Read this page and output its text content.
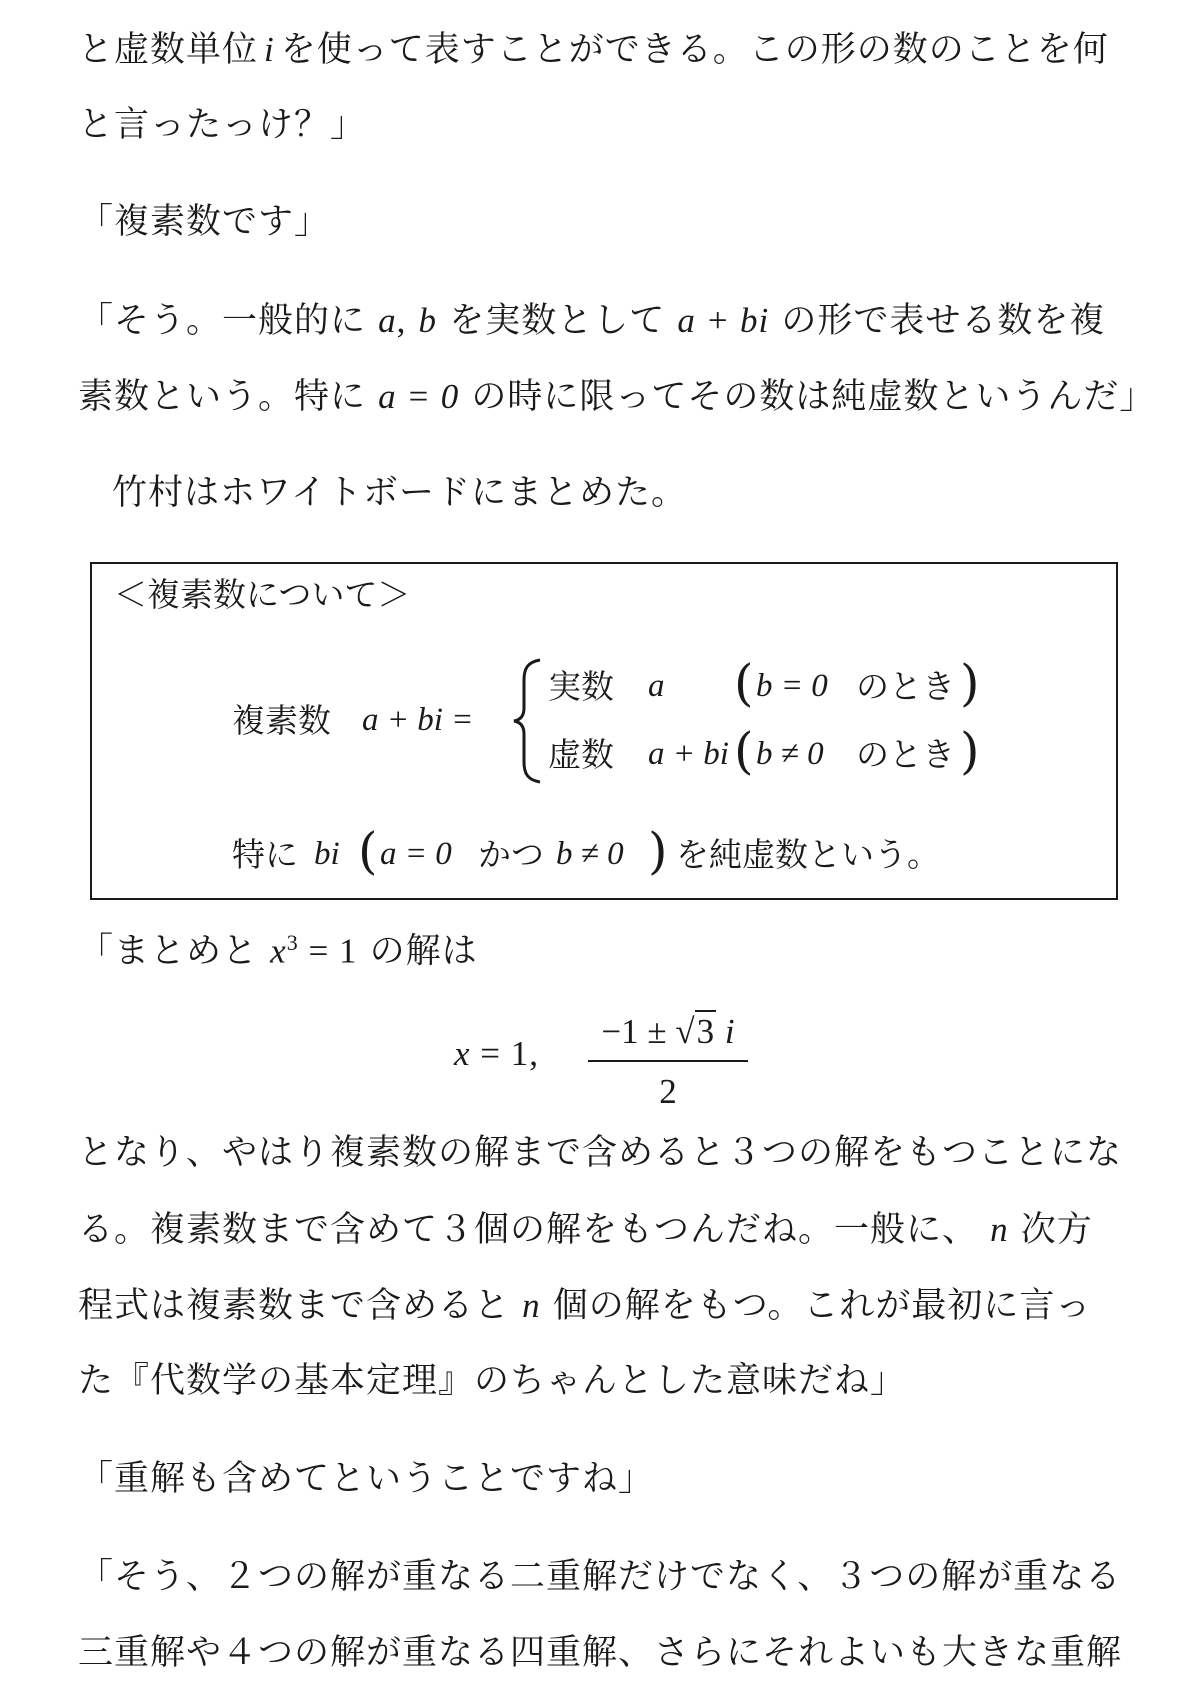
と虚数単位 i を使って表すことができる。この形の数のことを何
と言ったっけ？」
「複素数です」
「そう。一般的に a, b を実数として a + bi の形で表せる数を複
素数という。特に a = 0 の時に限ってその数は純虚数というんだ」
竹村はホワイトボードにまとめた。
＜複素数について＞
複素数 a + bi =
実数 a ( b = 0 のとき )
虚数 a + bi ( b ≠ 0 のとき )
特に bi ( a = 0 かつ b ≠ 0 ) を純虚数という。
「まとめと $x^3 = 1$ の解は
x = 1,
−1 ± √3 i
2
となり、やはり複素数の解まで含めると３つの解をもつことにな
る。複素数まで含めて３個の解をもつんだね。一般に、 n 次方
程式は複素数まで含めると n 個の解をもつ。これが最初に言っ
た『代数学の基本定理』のちゃんとした意味だね」
「重解も含めてということですね」
「そう、２つの解が重なる二重解だけでなく、３つの解が重なる
三重解や４つの解が重なる四重解、さらにそれよいも大きな重解
